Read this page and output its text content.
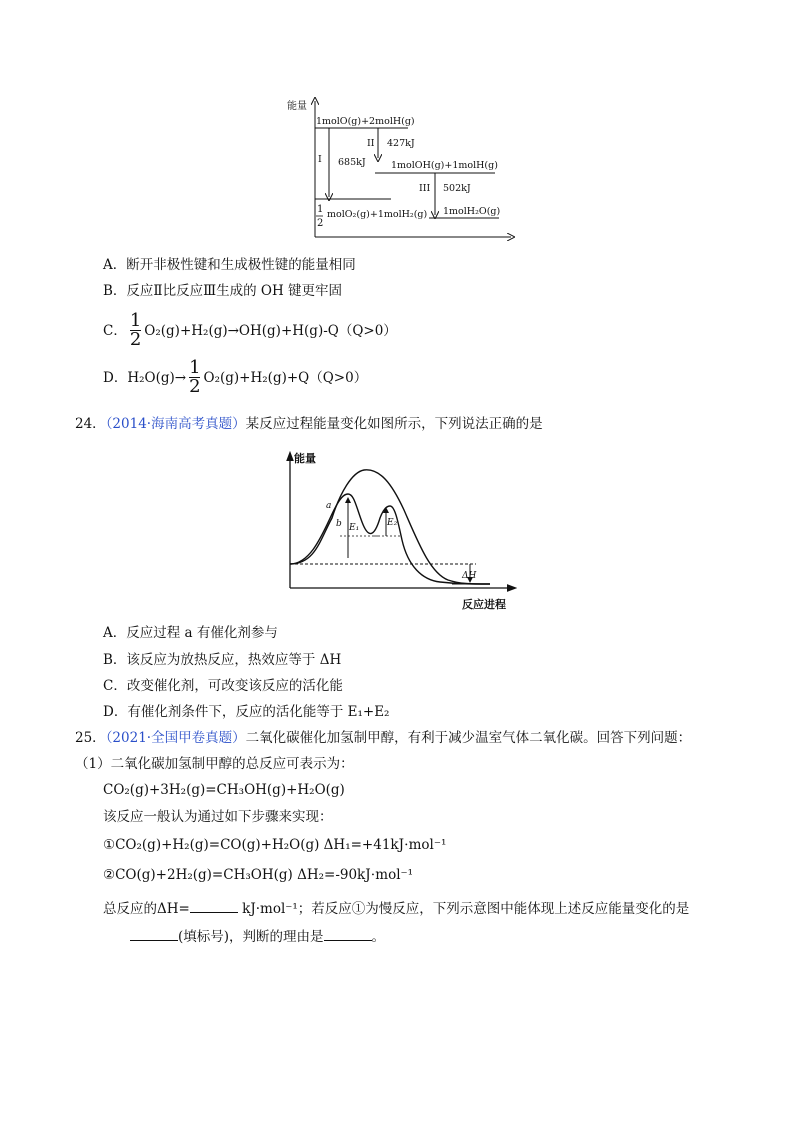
能量
1molO(g)+2molH(g)
I 685kJ
II 427kJ
1molOH(g)+1molH(g)
III 502kJ
1molH₂O(g)
1
2
molO₂(g)+1molH₂(g)
A．断开非极性键和生成极性键的能量相同
B．反应Ⅱ比反应Ⅲ生成的 OH 键更牢固
C． $\frac{1}{2} O_2(g)+H_2(g)\to OH(g)+H(g)-Q(Q>0)$
D．$H_2O(g)\to \frac{1}{2} O_2(g)+H_2(g)+Q(Q>0)$
24．（2014·海南高考真题）某反应过程能量变化如图所示，下列说法正确的是
能量
反应进程
a
b E₁	E₂
ΔH
A．反应过程 a 有催化剂参与
B．该反应为放热反应，热效应等于 ΔH
C．改变催化剂，可改变该反应的活化能
D．有催化剂条件下，反应的活化能等于 E₁+E₂
25．（2021·全国甲卷真题）二氧化碳催化加氢制甲醇，有利于减少温室气体二氧化碳。回答下列问题：
（1）二氧化碳加氢制甲醇的总反应可表示为：
CO₂(g)+3H₂(g)=CH₃OH(g)+H₂O(g)
该反应一般认为通过如下步骤来实现：
①CO₂(g)+H₂(g)=CO(g)+H₂O(g) ΔH₁=+41kJ⋅mol⁻¹
②CO(g)+2H₂(g)=CH₃OH(g) ΔH₂=-90kJ⋅mol⁻¹
总反应的ΔH=	kJ·mol⁻¹；若反应①为慢反应，下列示意图中能体现上述反应能量变化的是
(填标号)，判断的理由是	。
